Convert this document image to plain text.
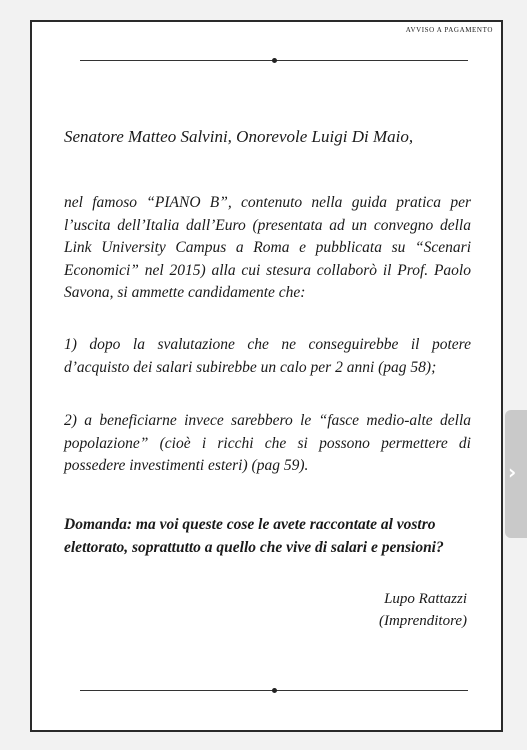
AVVISO A PAGAMENTO
Senatore Matteo Salvini, Onorevole Luigi Di Maio,
nel famoso “PIANO B”, contenuto nella guida pratica per l’uscita dell’Italia dall’Euro (presentata ad un convegno della Link University Campus a Roma e pubblicata su “Scenari Economici” nel 2015) alla cui stesura collaborò il Prof. Paolo Savona, si ammette candidamente che:
1) dopo la svalutazione che ne conseguirebbe il potere d’acquisto dei salari subirebbe un calo per 2 anni (pag 58);
2) a beneficiarne invece sarebbero le “fasce medio-alte della popolazione” (cioè i ricchi che si possono permettere di possedere investimenti esteri) (pag 59).
Domanda: ma voi queste cose le avete raccontate al vostro elettorato, soprattutto a quello che vive di salari e pensioni?
Lupo Rattazzi
(Imprenditore)
›
